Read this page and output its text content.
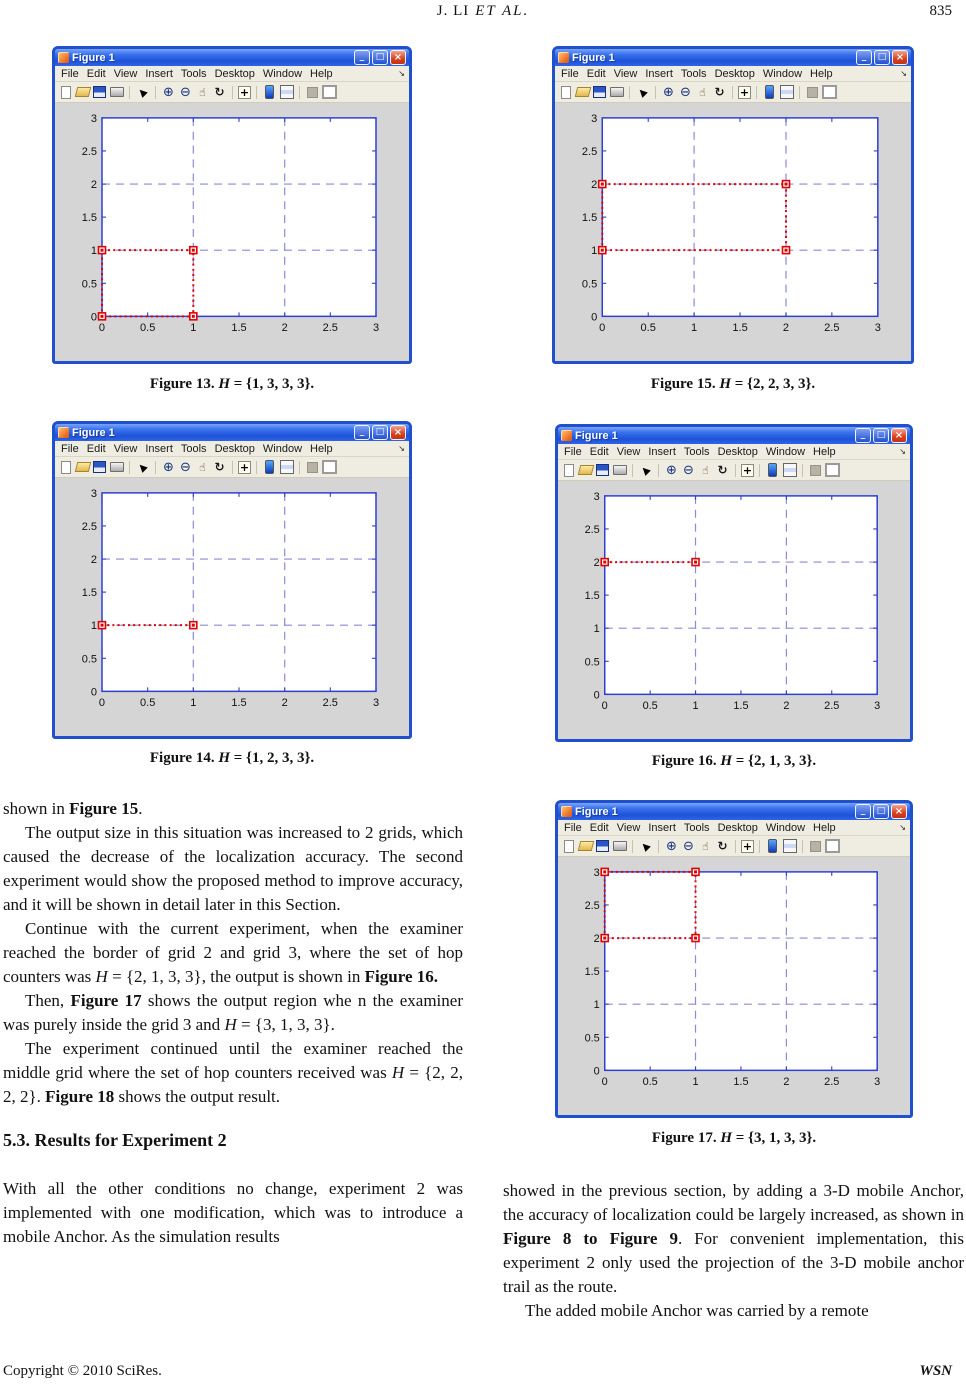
J. LI ET AL.	835
Figure 1	_	□ ×
File Edit View Insert Tools Desktop Window Help	↘
▲	⊕ ⊖ ☝ ↻ +
0	0.5	1	1.5	2	2.5	3
0
0.5
1
1.5
2
2.5
3
Figure 13. H = {1, 3, 3, 3}.
Figure 1	_	□ ×
File Edit View Insert Tools Desktop Window Help	↘
▲	⊕ ⊖ ☝ ↻ +
0	0.5	1	1.5	2	2.5	3
0
0.5
1
1.5
2
2.5
3
Figure 15. H = {2, 2, 3, 3}.
Figure 1	_	□ ×
File Edit View Insert Tools Desktop Window Help	↘
▲	⊕ ⊖ ☝ ↻ +
0	0.5	1	1.5	2	2.5	3
0
0.5
1
1.5
2
2.5
3
Figure 14. H = {1, 2, 3, 3}.
Figure 1	_	□ ×
File Edit View Insert Tools Desktop Window Help	↘
▲	⊕ ⊖ ☝ ↻ +
0	0.5	1	1.5	2	2.5	3
0
0.5
1
1.5
2
2.5
3
Figure 16. H = {2, 1, 3, 3}.
Figure 1	_	□ ×
File Edit View Insert Tools Desktop Window Help	↘
▲	⊕ ⊖ ☝ ↻ +
0	0.5	1	1.5	2	2.5	3
0
0.5
1
1.5
2
2.5
3
Figure 17. H = {3, 1, 3, 3}.

shown in Figure 15.

The output size in this situation was increased to 2 grids, which caused the decrease of the localization accuracy. The second experiment would show the proposed method to improve accuracy, and it will be shown in detail later in this Section.

Continue with the current experiment, when the examiner reached the border of grid 2 and grid 3, where the set of hop counters was H = {2, 1, 3, 3}, the output is shown in Figure 16.

Then, Figure 17 shows the output region whe n the examiner was purely inside the grid 3 and H = {3, 1, 3, 3}.

The experiment continued until the examiner reached the middle grid where the set of hop counters received was H = {2, 2, 2, 2}. Figure 18 shows the output result.

5.3. Results for Experiment 2

With all the other conditions no change, experiment 2 was implemented with one modification, which was to introduce a mobile Anchor. As the simulation results

showed in the previous section, by adding a 3-D mobile Anchor, the accuracy of localization could be largely increased, as shown in Figure 8 to Figure 9. For convenient implementation, this experiment 2 only used the projection of the 3-D mobile anchor trail as the route.

The added mobile Anchor was carried by a remote

Copyright © 2010 SciRes.	WSN
